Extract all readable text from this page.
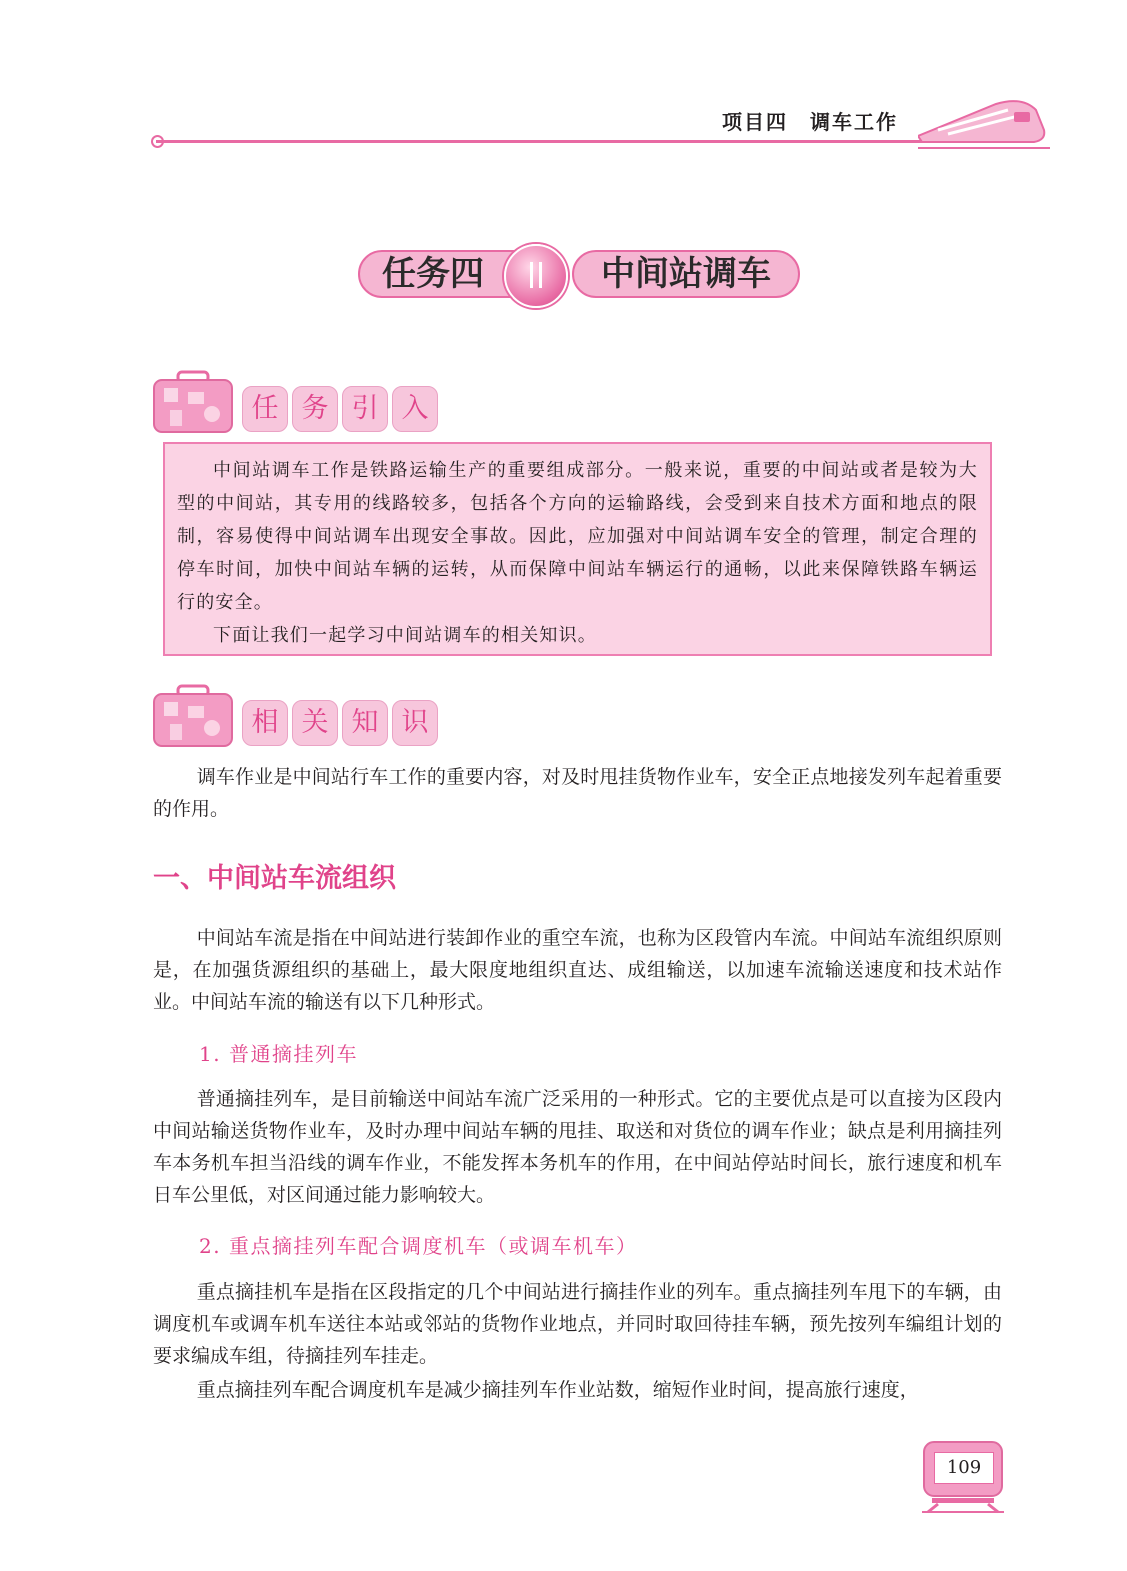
项目四　调车工作
任务四	中间站调车
任 务 引 入

中间站调车工作是铁路运输生产的重要组成部分。一般来说，重要的中间站或者是较为大型的中间站，其专用的线路较多，包括各个方向的运输路线，会受到来自技术方面和地点的限制，容易使得中间站调车出现安全事故。因此，应加强对中间站调车安全的管理，制定合理的停车时间，加快中间站车辆的运转，从而保障中间站车辆运行的通畅，以此来保障铁路车辆运行的安全。

下面让我们一起学习中间站调车的相关知识。

相 关 知 识

调车作业是中间站行车工作的重要内容，对及时甩挂货物作业车，安全正点地接发列车起着重要的作用。

一、中间站车流组织

中间站车流是指在中间站进行装卸作业的重空车流，也称为区段管内车流。中间站车流组织原则是，在加强货源组织的基础上，最大限度地组织直达、成组输送，以加速车流输送速度和技术站作业。中间站车流的输送有以下几种形式。

1. 普通摘挂列车

普通摘挂列车，是目前输送中间站车流广泛采用的一种形式。它的主要优点是可以直接为区段内中间站输送货物作业车，及时办理中间站车辆的甩挂、取送和对货位的调车作业；缺点是利用摘挂列车本务机车担当沿线的调车作业，不能发挥本务机车的作用，在中间站停站时间长，旅行速度和机车日车公里低，对区间通过能力影响较大。

2. 重点摘挂列车配合调度机车（或调车机车）

重点摘挂机车是指在区段指定的几个中间站进行摘挂作业的列车。重点摘挂列车甩下的车辆，由调度机车或调车机车送往本站或邻站的货物作业地点，并同时取回待挂车辆，预先按列车编组计划的要求编成车组，待摘挂列车挂走。

重点摘挂列车配合调度机车是减少摘挂列车作业站数，缩短作业时间，提高旅行速度，

109
